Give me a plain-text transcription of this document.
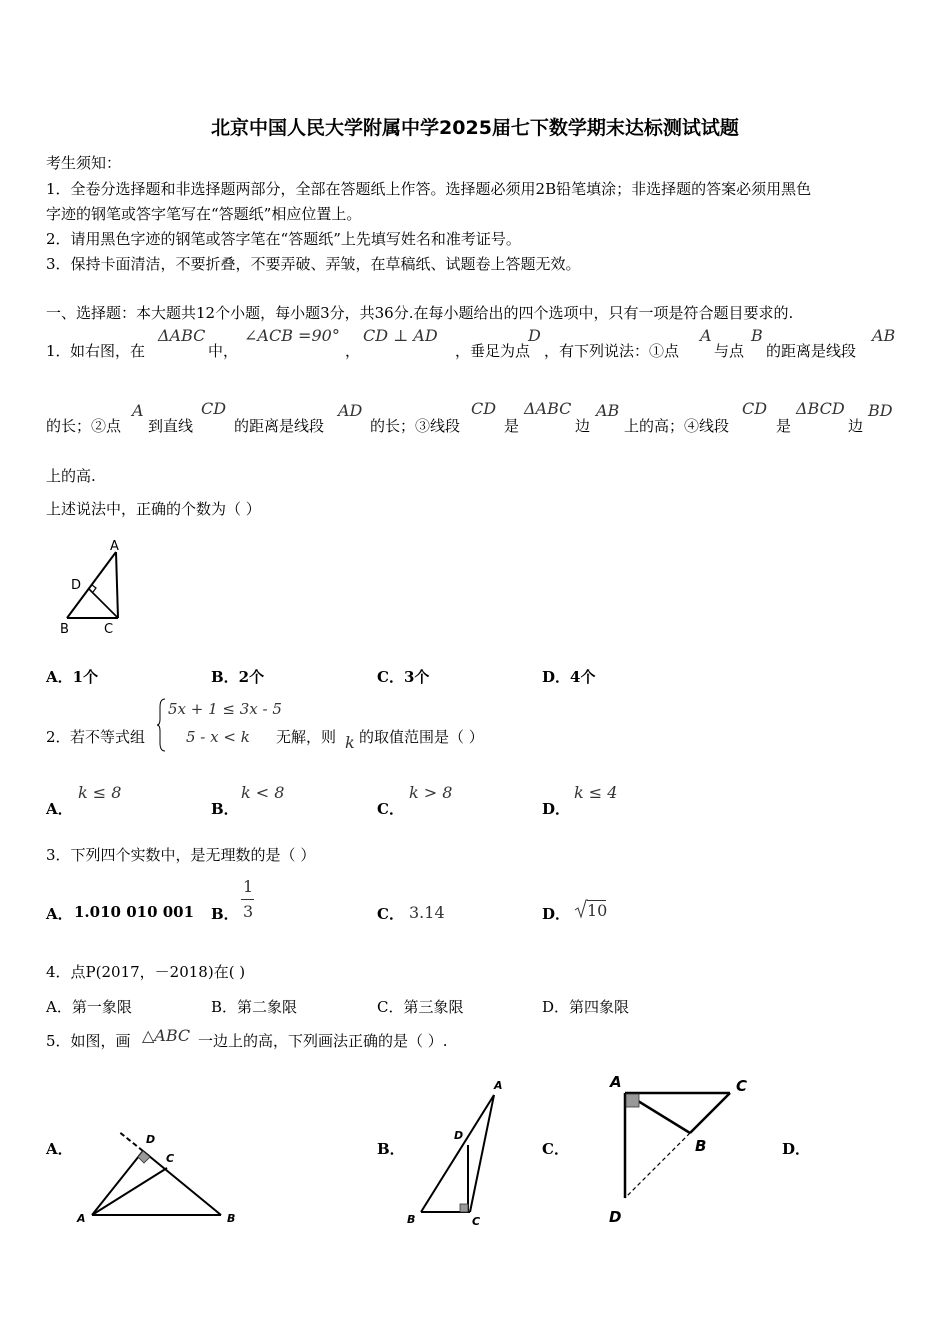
北京中国人民大学附属中学2025届七下数学期末达标测试试题
考生须知：
1．全卷分选择题和非选择题两部分，全部在答题纸上作答。选择题必须用2B铅笔填涂；非选择题的答案必须用黑色
字迹的钢笔或答字笔写在“答题纸”相应位置上。
2．请用黑色字迹的钢笔或答字笔在“答题纸”上先填写姓名和准考证号。
3．保持卡面清洁，不要折叠，不要弄破、弄皱，在草稿纸、试题卷上答题无效。
一、选择题：本大题共12个小题，每小题3分，共36分.在每小题给出的四个选项中，只有一项是符合题目要求的.
1． 如右图，在
ΔABC
中，
∠ACB =90°
，
CD ⊥ AD
，垂足为点
D
，有下列说法：①点
A
与点
B
的距离是线段
AB
的长；②点
A
到直线
CD
的距离是线段
AD
的长；③线段
CD
是
ΔABC
边
AB
上的高；④线段
CD
是
ΔBCD
边
BD
上的高.
上述说法中，正确的个数为（ ）
A
D
B	C
A．1个	B．2个	C．3个	D．4个
2． 若不等式组
5x + 1 ≤ 3x - 5
5 - x < k 无解，则 k 的取值范围是（ ）
A．
k ≤ 8
B．
k < 8
C．
k > 8
D．
k ≤ 4
3．下列四个实数中，是无理数的是（ ）
A． 1.010 010 001 B．
1
3	C． 3.14	D． 10
4．点P(2017，－2018)在( )
A．第一象限	B．第二象限	C．第三象限	D．第四象限
5．如图，画 △ABC 一边上的高，下列画法正确的是（ ）.
A．	B．	C．	D．
A	B
C
D
A
B	C
D
A	C
B
D
